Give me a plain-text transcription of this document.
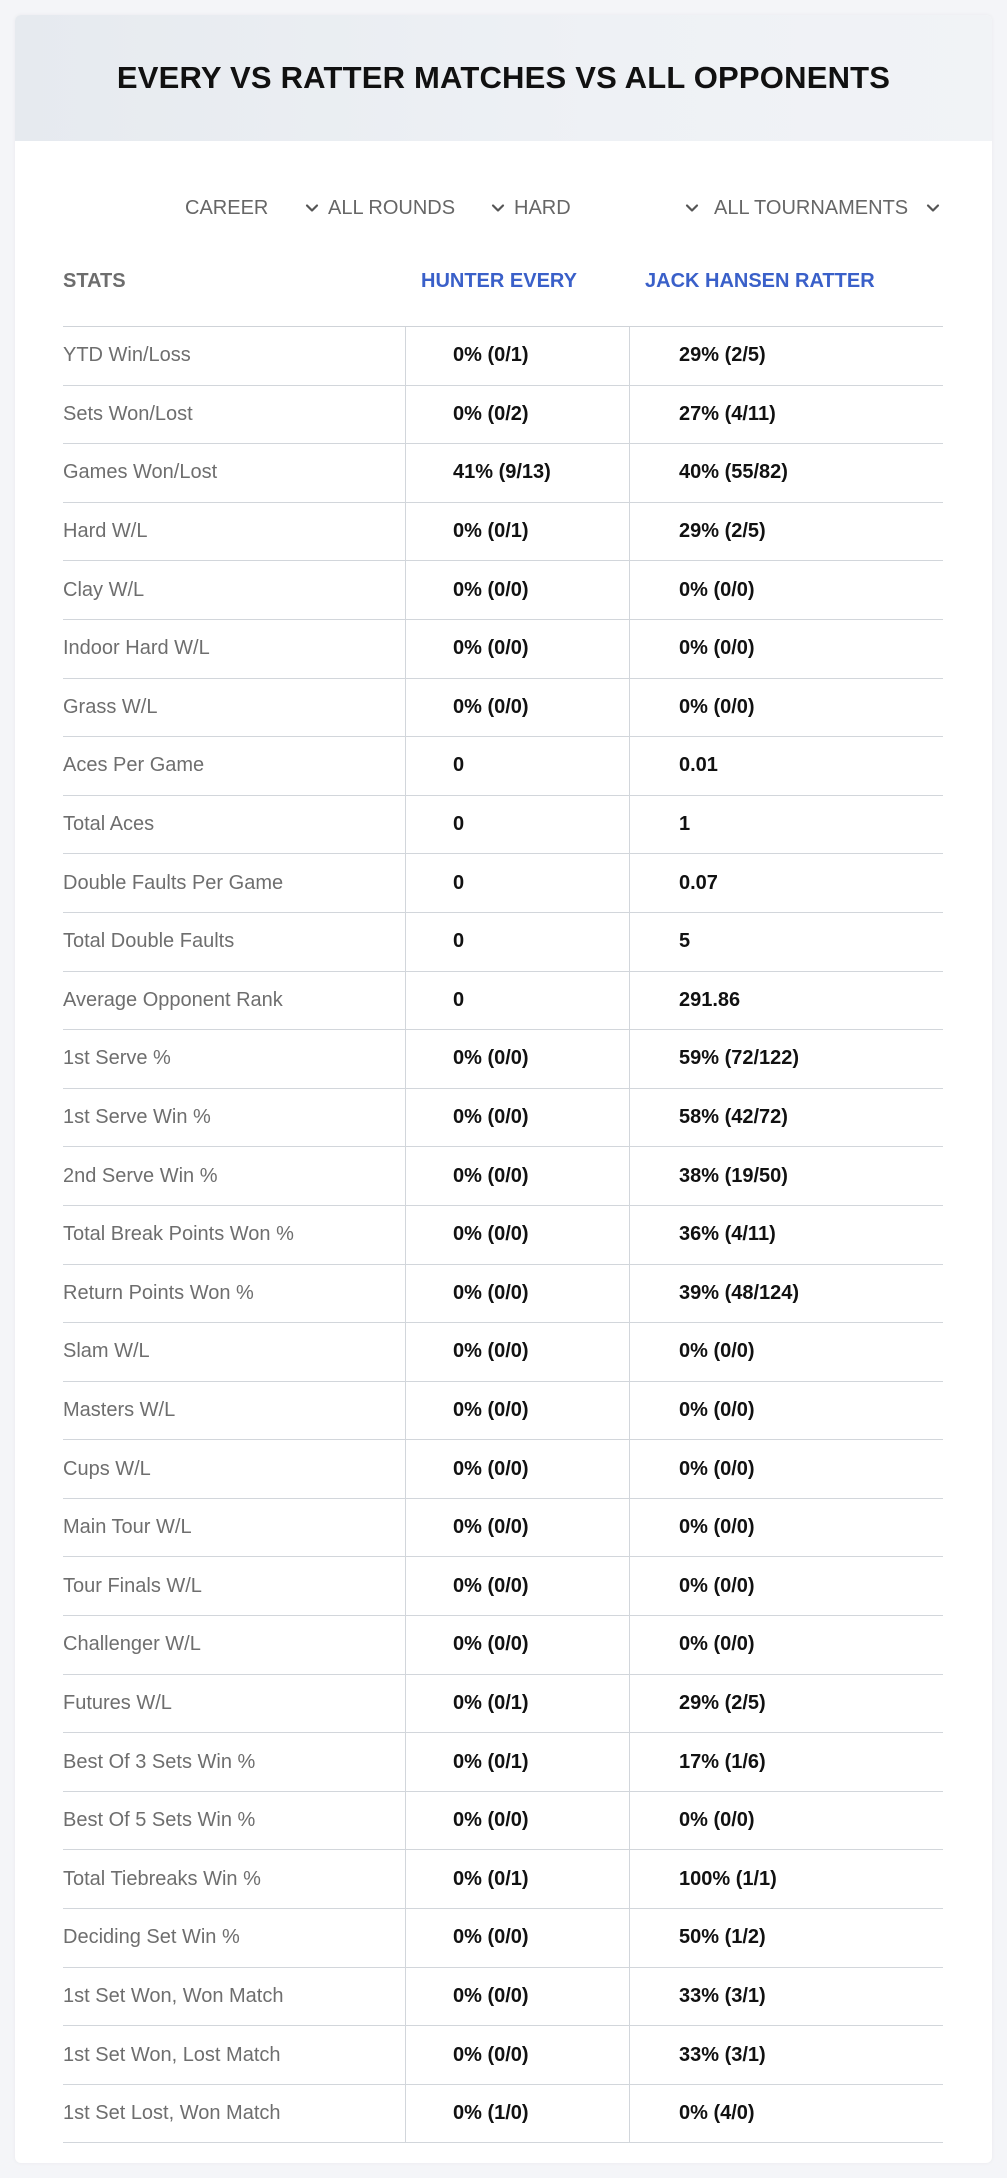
EVERY VS RATTER MATCHES VS ALL OPPONENTS
CAREER	ALL ROUNDS	HARD	ALL TOURNAMENTS
STATS	HUNTER EVERY	JACK HANSEN RATTER
YTD Win/Loss	0% (0/1)	29% (2/5)
Sets Won/Lost	0% (0/2)	27% (4/11)
Games Won/Lost	41% (9/13)	40% (55/82)
Hard W/L	0% (0/1)	29% (2/5)
Clay W/L	0% (0/0)	0% (0/0)
Indoor Hard W/L	0% (0/0)	0% (0/0)
Grass W/L	0% (0/0)	0% (0/0)
Aces Per Game	0	0.01
Total Aces	0	1
Double Faults Per Game	0	0.07
Total Double Faults	0	5
Average Opponent Rank	0	291.86
1st Serve %	0% (0/0)	59% (72/122)
1st Serve Win %	0% (0/0)	58% (42/72)
2nd Serve Win %	0% (0/0)	38% (19/50)
Total Break Points Won %	0% (0/0)	36% (4/11)
Return Points Won %	0% (0/0)	39% (48/124)
Slam W/L	0% (0/0)	0% (0/0)
Masters W/L	0% (0/0)	0% (0/0)
Cups W/L	0% (0/0)	0% (0/0)
Main Tour W/L	0% (0/0)	0% (0/0)
Tour Finals W/L	0% (0/0)	0% (0/0)
Challenger W/L	0% (0/0)	0% (0/0)
Futures W/L	0% (0/1)	29% (2/5)
Best Of 3 Sets Win %	0% (0/1)	17% (1/6)
Best Of 5 Sets Win %	0% (0/0)	0% (0/0)
Total Tiebreaks Win %	0% (0/1)	100% (1/1)
Deciding Set Win %	0% (0/0)	50% (1/2)
1st Set Won, Won Match	0% (0/0)	33% (3/1)
1st Set Won, Lost Match	0% (0/0)	33% (3/1)
1st Set Lost, Won Match	0% (1/0)	0% (4/0)
